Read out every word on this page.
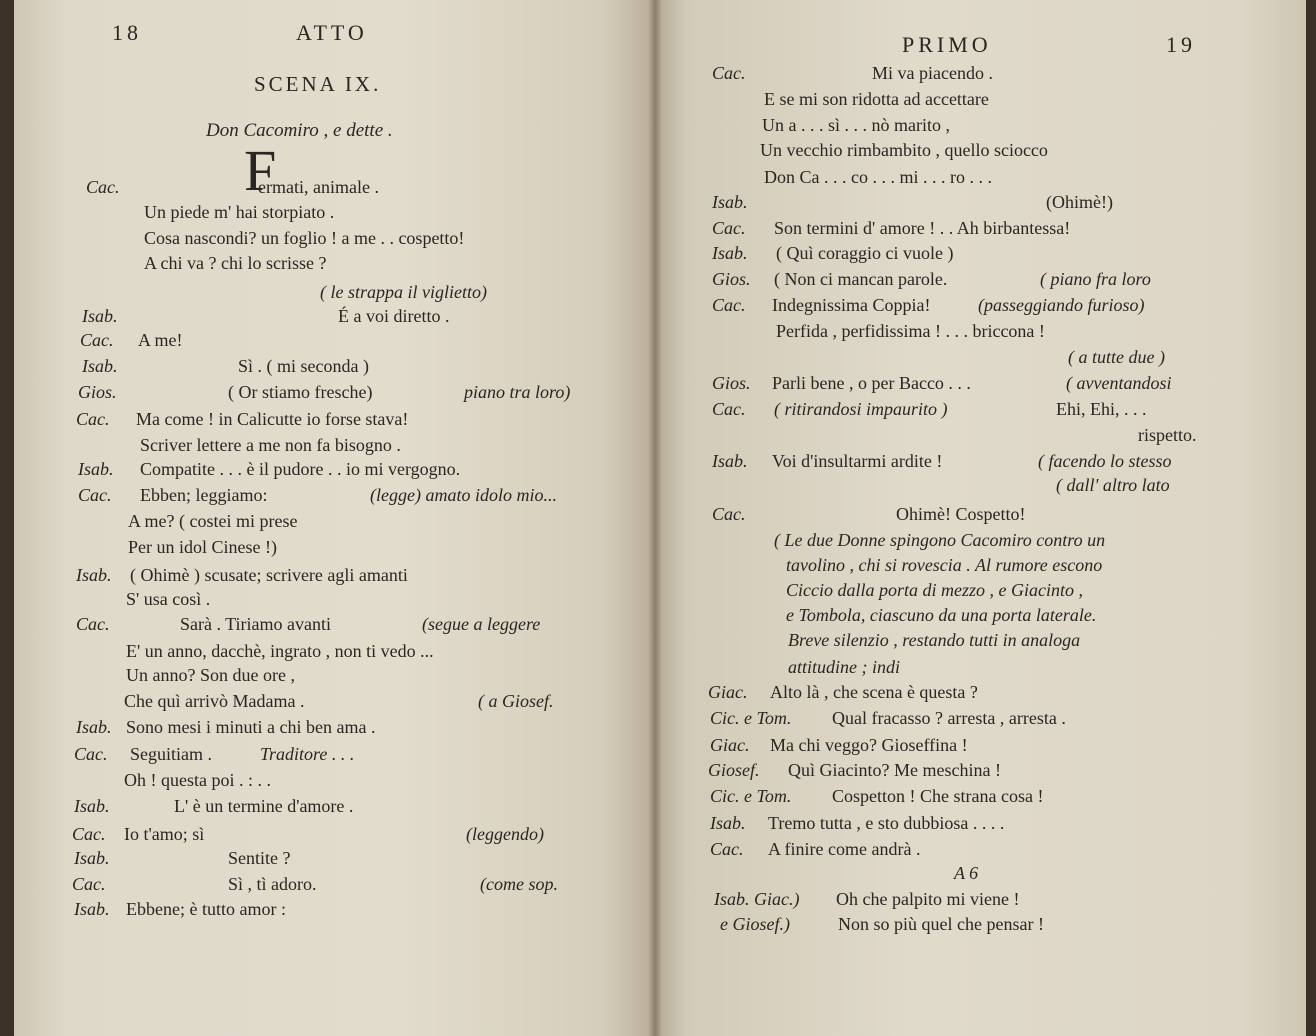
18	ATTO
SCENA IX.
Don Cacomiro , e dette .
F
Cac.	ermati, animale .
Un piede m' hai storpiato .
Cosa nascondi? un foglio ! a me . . cospetto!
A chi va ? chi lo scrisse ?
( le strappa il viglietto)
Isab.	É a voi diretto .
Cac. A me!
Isab.	Sì . ( mi seconda )
Gios.	( Or stiamo fresche)	piano tra loro)
Cac. Ma come ! in Calicutte io forse stava!
Scriver lettere a me non fa bisogno .
Isab. Compatite . . . è il pudore . . io mi vergogno.
Cac. Ebben; leggiamo:	(legge) amato idolo mio...
A me? ( costei mi prese
Per un idol Cinese !)
Isab. ( Ohimè ) scusate; scrivere agli amanti
S' usa così .
Cac.	Sarà . Tiriamo avanti	(segue a leggere
E' un anno, dacchè, ingrato , non ti vedo ...
Un anno? Son due ore ,
Che quì arrivò Madama .	( a Giosef.
Isab. Sono mesi i minuti a chi ben ama .
Cac. Seguitiam .	Traditore . . .
Oh ! questa poi . : . .
Isab.	L' è un termine d'amore .
Cac. Io t'amo; sì	(leggendo)
Isab.	Sentite ?
Cac.	Sì , tì adoro.	(come sop.
Isab. Ebbene; è tutto amor :
PRIMO	19
Cac.	Mi va piacendo .
E se mi son ridotta ad accettare
Un a . . . sì . . . nò marito ,
Un vecchio rimbambito , quello sciocco
Don Ca . . . co . . . mi . . . ro . . .
Isab.	(Ohimè!)
Cac. Son termini d' amore ! . . Ah birbantessa!
Isab. ( Quì coraggio ci vuole )
Gios. ( Non ci mancan parole.	( piano fra loro
Cac. Indegnissima Coppia!	(passeggiando furioso)
Perfida , perfidissima ! . . . briccona !
( a tutte due )
Gios. Parli bene , o per Bacco . . .	( avventandosi
Cac.	Ehi, Ehi, . . .
( ritirandosi impaurito )
rispetto.
Isab. Voi d'insultarmi ardite !	( facendo lo stesso
( dall' altro lato
Cac.	Ohimè! Cospetto!
( Le due Donne spingono Cacomiro contro un
tavolino , chi si rovescia . Al rumore escono
Ciccio dalla porta di mezzo , e Giacinto ,
e Tombola, ciascuno da una porta laterale.
Breve silenzio , restando tutti in analoga
attitudine ; indi
Giac. Alto là , che scena è questa ?
Cic. e Tom. Qual fracasso ? arresta , arresta .
Giac. Ma chi veggo? Gioseffina !
Giosef. Quì Giacinto? Me meschina !
Cic. e Tom. Cospetton ! Che strana cosa !
Isab. Tremo tutta , e sto dubbiosa . . . .
Cac. A finire come andrà .
A 6
Isab. Giac.) Oh che palpito mi viene !
e Giosef.)	Non so più quel che pensar !
